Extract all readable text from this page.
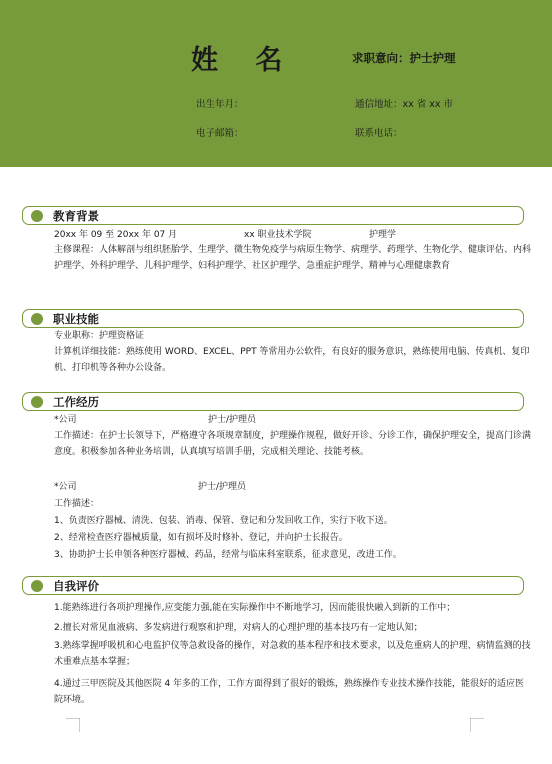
姓 名	求职意向：护士护理
出生年月：	通信地址：xx 省 xx 市
电子邮箱：	联系电话：
教育背景
20xx 年 09 至 20xx 年 07 月	xx 职业技术学院	护理学
主修课程：人体解剖与组织胚胎学、生理学、微生物免疫学与病原生物学、病理学、药理学、生物化学、健康评估、内科护理学、外科护理学、儿科护理学、妇科护理学、社区护理学、急重症护理学、精神与心理健康教育
职业技能
专业职称：护理资格证
计算机详细技能：熟练使用 WORD、EXCEL、PPT 等常用办公软件，有良好的服务意识，熟练使用电脑、传真机、复印机、打印机等各种办公设备。
工作经历
*公司	护士/护理员
工作描述：在护士长领导下，严格遵守各项规章制度，护理操作规程，做好开诊、分诊工作，确保护理安全，提高门诊满意度。积极参加各种业务培训，认真填写培训手册，完成相关理论、技能考核。
*公司	护士/护理员
工作描述：
1、负责医疗器械、清洗、包装、消毒、保管、登记和分发回收工作，实行下收下送。
2、经常检查医疗器械质量，如有损坏及时修补、登记，并向护士长报告。
3、协助护士长申领各种医疗器械、药品，经常与临床科室联系，征求意见，改进工作。
自我评价
1.能熟练进行各项护理操作,应变能力强,能在实际操作中不断地学习，因而能很快融入到新的工作中；
2.擅长对常见血液病、多发病进行观察和护理，对病人的心理护理的基本技巧有一定地认知；
3.熟练掌握呼吸机和心电监护仪等急救设备的操作，对急救的基本程序和技术要求，以及危重病人的护理、病情监测的技术重难点基本掌握；
4.通过三甲医院及其他医院 4 年多的工作，工作方面得到了很好的锻炼，熟练操作专业技术操作技能，能很好的适应医院环境。
